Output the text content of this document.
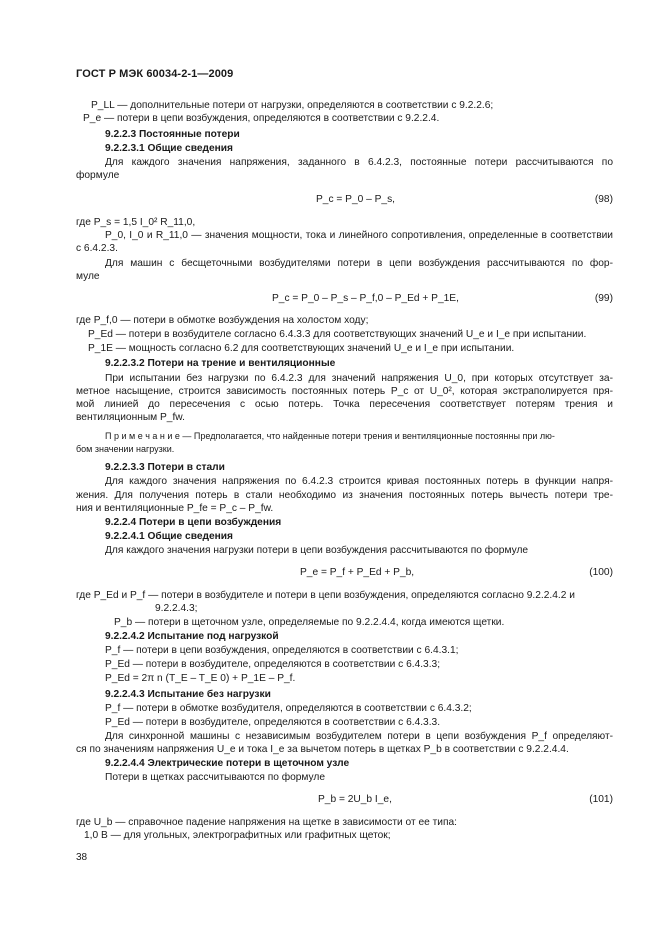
ГОСТ Р МЭК 60034-2-1—2009
P_LL — дополнительные потери от нагрузки, определяются в соответствии с 9.2.2.6;
P_e — потери в цепи возбуждения, определяются в соответствии с 9.2.2.4.
9.2.2.3 Постоянные потери
9.2.2.3.1 Общие сведения
Для каждого значения напряжения, заданного в 6.4.2.3, постоянные потери рассчитываются по
формуле
P_c = P_0 – P_s,	(98)
где P_s = 1,5 I_0² R_11,0,
P_0, I_0 и R_11,0 — значения мощности, тока и линейного сопротивления, определенные в соответствии
с 6.4.2.3.
Для машин с бесщеточными возбудителями потери в цепи возбуждения рассчитываются по фор-
муле
P_c = P_0 – P_s – P_f,0 – P_Ed + P_1E,	(99)
где P_f,0 — потери в обмотке возбуждения на холостом ходу;
P_Ed — потери в возбудителе согласно 6.4.3.3 для соответствующих значений U_e и I_e при испытании.
P_1E — мощность согласно 6.2 для соответствующих значений U_e и I_e при испытании.
9.2.2.3.2 Потери на трение и вентиляционные
При испытании без нагрузки по 6.4.2.3 для значений напряжения U_0, при которых отсутствует за-
метное насыщение, строится зависимость постоянных потерь P_c от U_0², которая экстраполируется пря-
мой линией до пересечения с осью потерь. Точка пересечения соответствует потерям трения и
вентиляционным P_fw.
П р и м е ч а н и е — Предполагается, что найденные потери трения и вентиляционные постоянны при лю-
бом значении нагрузки.
9.2.2.3.3 Потери в стали
Для каждого значения напряжения по 6.4.2.3 строится кривая постоянных потерь в функции напря-
жения. Для получения потерь в стали необходимо из значения постоянных потерь вычесть потери тре-
ния и вентиляционные P_fe = P_c – P_fw.
9.2.2.4 Потери в цепи возбуждения
9.2.2.4.1 Общие сведения
Для каждого значения нагрузки потери в цепи возбуждения рассчитываются по формуле
P_e = P_f + P_Ed + P_b,	(100)
где P_Ed и P_f — потери в возбудителе и потери в цепи возбуждения, определяются согласно 9.2.2.4.2 и
9.2.2.4.3;
P_b — потери в щеточном узле, определяемые по 9.2.2.4.4, когда имеются щетки.
9.2.2.4.2 Испытание под нагрузкой
P_f — потери в цепи возбуждения, определяются в соответствии с 6.4.3.1;
P_Ed — потери в возбудителе, определяются в соответствии с 6.4.3.3;
P_Ed = 2π n (T_E – T_E 0) + P_1E – P_f.
9.2.2.4.3 Испытание без нагрузки
P_f — потери в обмотке возбудителя, определяются в соответствии с 6.4.3.2;
P_Ed — потери в возбудителе, определяются в соответствии с 6.4.3.3.
Для синхронной машины с независимым возбудителем потери в цепи возбуждения P_f определяют-
ся по значениям напряжения U_e и тока I_e за вычетом потерь в щетках P_b в соответствии с 9.2.2.4.4.
9.2.2.4.4 Электрические потери в щеточном узле
Потери в щетках рассчитываются по формуле
P_b = 2U_b I_e,	(101)
где U_b — справочное падение напряжения на щетке в зависимости от ее типа:
1,0 В — для угольных, электрографитных или графитных щеток;
38
